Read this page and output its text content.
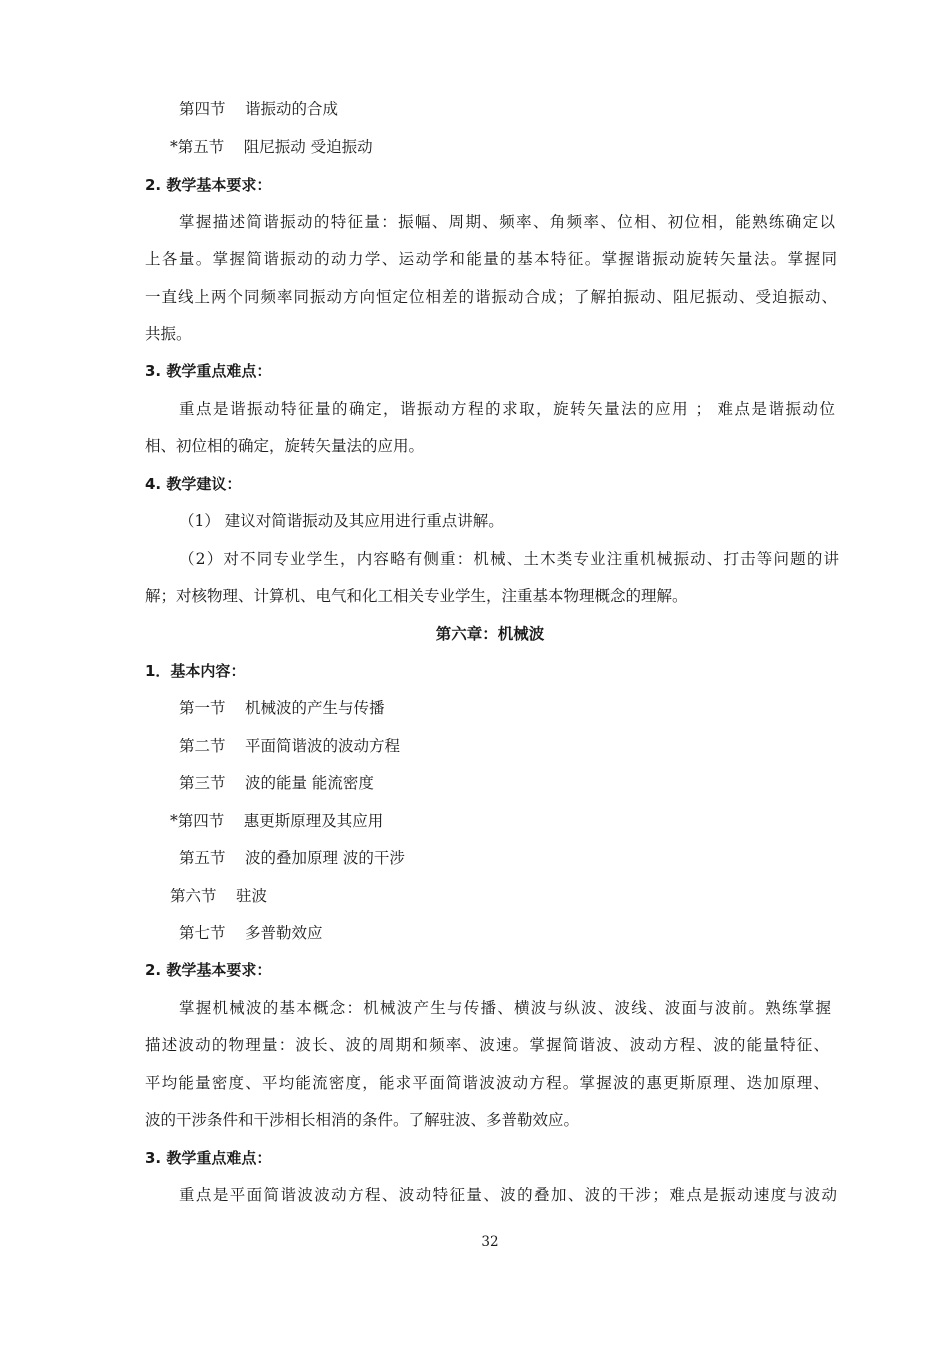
第四节 谐振动的合成
*第五节 阻尼振动 受迫振动
2. 教学基本要求：
掌握描述简谐振动的特征量：振幅、周期、频率、角频率、位相、初位相，能熟练确定以
上各量。掌握简谐振动的动力学、运动学和能量的基本特征。掌握谐振动旋转矢量法。掌握同
一直线上两个同频率同振动方向恒定位相差的谐振动合成；了解拍振动、阻尼振动、受迫振动、
共振。
3. 教学重点难点：
重点是谐振动特征量的确定，谐振动方程的求取，旋转矢量法的应用 ； 难点是谐振动位
相、初位相的确定，旋转矢量法的应用。
4. 教学建议：
（1） 建议对简谐振动及其应用进行重点讲解。
（2）对不同专业学生，内容略有侧重：机械、土木类专业注重机械振动、打击等问题的讲
解；对核物理、计算机、电气和化工相关专业学生，注重基本物理概念的理解。
第六章：机械波
1．基本内容：
第一节 机械波的产生与传播
第二节 平面简谐波的波动方程
第三节 波的能量 能流密度
*第四节 惠更斯原理及其应用
第五节 波的叠加原理 波的干涉
第六节 驻波
第七节 多普勒效应
2. 教学基本要求：
掌握机械波的基本概念：机械波产生与传播、横波与纵波、波线、波面与波前。熟练掌握
描述波动的物理量：波长、波的周期和频率、波速。掌握简谐波、波动方程、波的能量特征、
平均能量密度、平均能流密度，能求平面简谐波波动方程。掌握波的惠更斯原理、迭加原理、
波的干涉条件和干涉相长相消的条件。了解驻波、多普勒效应。
3. 教学重点难点：
重点是平面简谐波波动方程、波动特征量、波的叠加、波的干涉；难点是振动速度与波动
32
